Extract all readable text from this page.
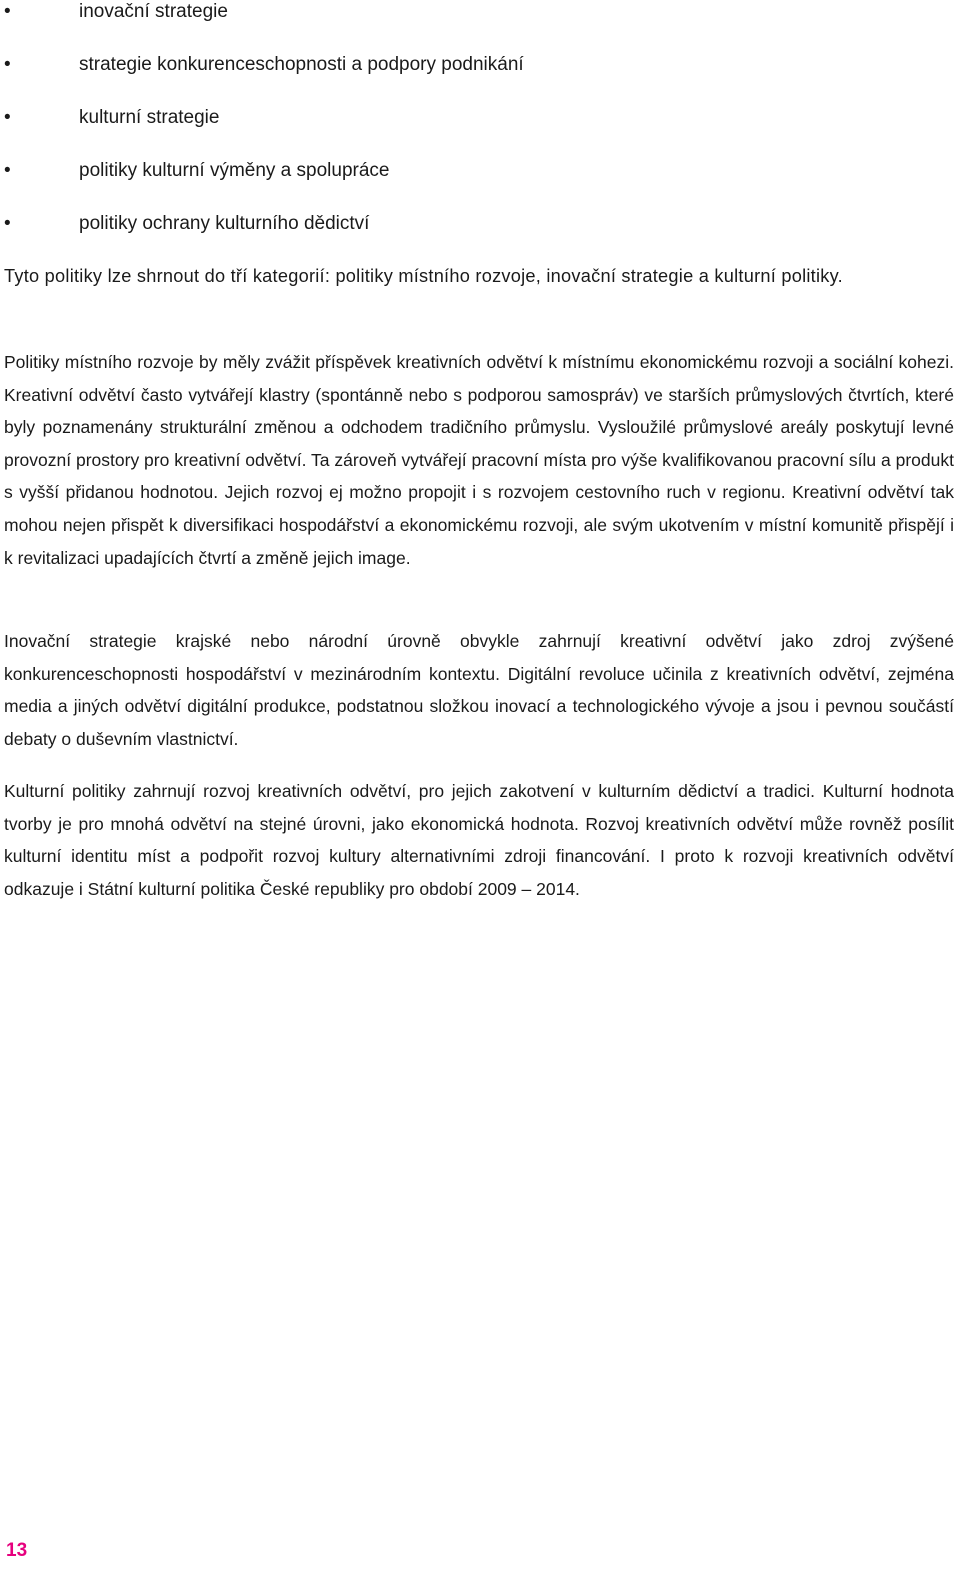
•	inovační strategie
•	strategie konkurenceschopnosti a podpory podnikání
•	kulturní strategie
•	politiky kulturní výměny a spolupráce
•	politiky ochrany kulturního dědictví

Tyto politiky lze shrnout do tří kategorií: politiky místního rozvoje, inovační strategie a kulturní politiky.

Politiky místního rozvoje by měly zvážit příspěvek kreativních odvětví k místnímu ekonomickému rozvoji a sociální kohezi. Kreativní odvětví často vytvářejí klastry (spontánně nebo s podporou samospráv) ve starších průmyslových čtvrtích, které byly poznamenány strukturální změnou a odchodem tradičního průmyslu. Vysloužilé průmyslové areály poskytují levné provozní prostory pro kreativní odvětví. Ta zároveň vytvářejí pracovní místa pro výše kvalifikovanou pracovní sílu a produkt s vyšší přidanou hodnotou. Jejich rozvoj ej možno propojit i s rozvojem cestovního ruch v regionu. Kreativní odvětví tak mohou nejen přispět k diversifikaci hospodářství a ekonomickému rozvoji, ale svým ukotvením v místní komunitě přispějí i k revitalizaci upadajících čtvrtí a změně jejich image.

Inovační strategie krajské nebo národní úrovně obvykle zahrnují kreativní odvětví jako zdroj zvýšené konkurenceschopnosti hospodářství v mezinárodním kontextu. Digitální revoluce učinila z kreativních odvětví, zejména media a jiných odvětví digitální produkce, podstatnou složkou inovací a technologického vývoje a jsou i pevnou součástí debaty o duševním vlastnictví.

Kulturní politiky zahrnují rozvoj kreativních odvětví, pro jejich zakotvení v kulturním dědictví a tradici. Kulturní hodnota tvorby je pro mnohá odvětví na stejné úrovni, jako ekonomická hodnota. Rozvoj kreativních odvětví může rovněž posílit kulturní identitu míst a podpořit rozvoj kultury alternativními zdroji financování. I proto k rozvoji kreativních odvětví odkazuje i Státní kulturní politika České republiky pro období 2009 – 2014.

13
